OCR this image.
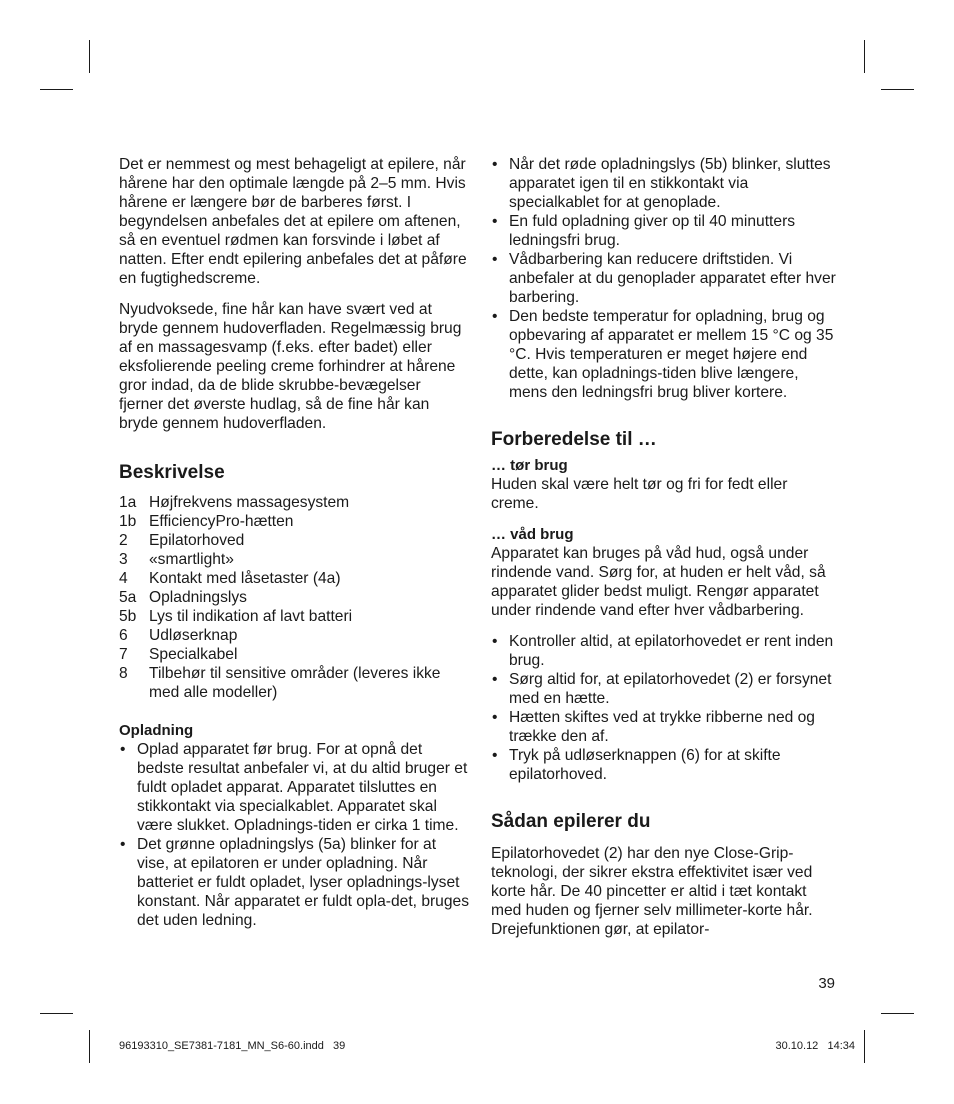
Det er nemmest og mest behageligt at epilere, når hårene har den optimale længde på 2–5 mm. Hvis hårene er længere bør de barberes først. I begyndelsen anbefales det at epilere om aftenen, så en eventuel rødmen kan forsvinde i løbet af natten. Efter endt epilering anbefales det at påføre en fugtighedscreme.

Nyudvoksede, fine hår kan have svært ved at bryde gennem hudoverfladen. Regelmæssig brug af en massagesvamp (f.eks. efter badet) eller eksfolierende peeling creme forhindrer at hårene gror indad, da de blide skrubbe-bevægelser fjerner det øverste hudlag, så de fine hår kan bryde gennem hudoverfladen.

Beskrivelse
1a Højfrekvens massagesystem
1b EfficiencyPro-hætten
2	Epilatorhoved
3	«smartlight»
4	Kontakt med låsetaster (4a)
5a Opladningslys
5b Lys til indikation af lavt batteri
6	Udløserknap
7	Specialkabel
8	Tilbehør til sensitive områder (leveres ikke med alle modeller)
Opladning
• Oplad apparatet før brug. For at opnå det bedste resultat anbefaler vi, at du altid bruger et fuldt opladet apparat. Apparatet tilsluttes en stikkontakt via specialkablet. Apparatet skal være slukket. Opladnings-tiden er cirka 1 time.
• Det grønne opladningslys (5a) blinker for at vise, at epilatoren er under opladning. Når batteriet er fuldt opladet, lyser opladnings-lyset konstant. Når apparatet er fuldt opla-det, bruges det uden ledning.
• Når det røde opladningslys (5b) blinker, sluttes apparatet igen til en stikkontakt via specialkablet for at genoplade.
• En fuld opladning giver op til 40 minutters ledningsfri brug.
• Vådbarbering kan reducere driftstiden. Vi anbefaler at du genoplader apparatet efter hver barbering.
• Den bedste temperatur for opladning, brug og opbevaring af apparatet er mellem 15 °C og 35 °C. Hvis temperaturen er meget højere end dette, kan opladnings-tiden blive længere, mens den ledningsfri brug bliver kortere.
Forberedelse til …
… tør brug

Huden skal være helt tør og fri for fedt eller creme.

… våd brug

Apparatet kan bruges på våd hud, også under rindende vand. Sørg for, at huden er helt våd, så apparatet glider bedst muligt. Rengør apparatet under rindende vand efter hver vådbarbering.

• Kontroller altid, at epilatorhovedet er rent inden brug.
• Sørg altid for, at epilatorhovedet (2) er forsynet med en hætte.
• Hætten skiftes ved at trykke ribberne ned og trække den af.
• Tryk på udløserknappen (6) for at skifte epilatorhoved.
Sådan epilerer du

Epilatorhovedet (2) har den nye Close-Grip-teknologi, der sikrer ekstra effektivitet især ved korte hår. De 40 pincetter er altid i tæt kontakt med huden og fjerner selv millimeter-korte hår. Drejefunktionen gør, at epilator-

39
96193310_SE7381-7181_MN_S6-60.indd   39	30.10.12   14:34
